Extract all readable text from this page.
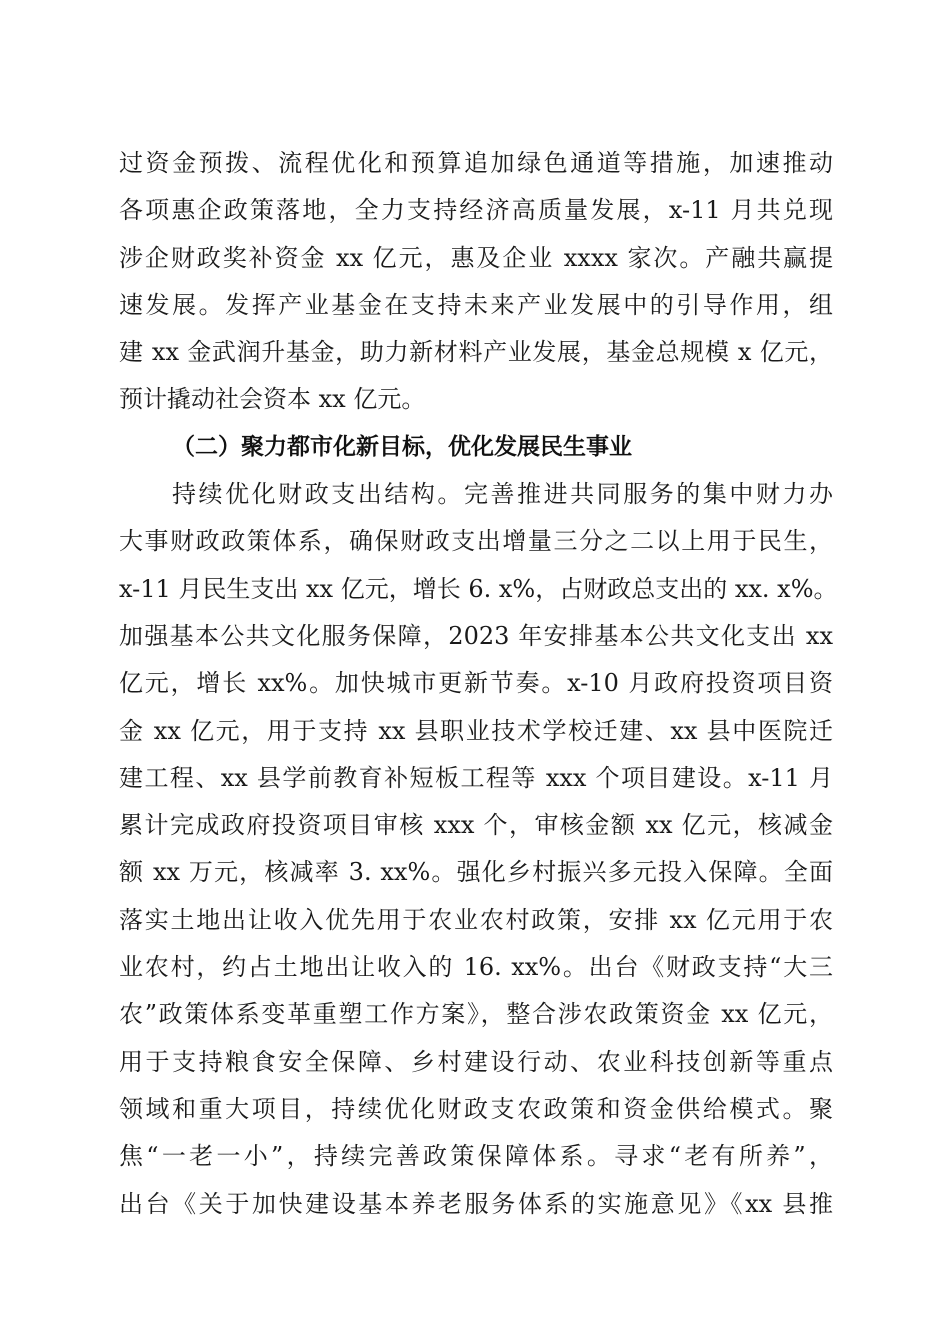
过资金预拨、流程优化和预算追加绿色通道等措施，加速推动
各项惠企政策落地，全力支持经济高质量发展，x-11 月共兑现
涉企财政奖补资金 xx 亿元，惠及企业 xxxx 家次。产融共赢提
速发展。发挥产业基金在支持未来产业发展中的引导作用，组
建 xx 金武润升基金，助力新材料产业发展，基金总规模 x 亿元，
预计撬动社会资本 xx 亿元。
（二）聚力都市化新目标，优化发展民生事业
持续优化财政支出结构。完善推进共同服务的集中财力办
大事财政政策体系，确保财政支出增量三分之二以上用于民生，
x-11 月民生支出 xx 亿元，增长 6. x%，占财政总支出的 xx. x%。
加强基本公共文化服务保障，2023 年安排基本公共文化支出 xx
亿元，增长 xx%。加快城市更新节奏。x-10 月政府投资项目资
金 xx 亿元，用于支持 xx 县职业技术学校迁建、xx 县中医院迁
建工程、xx 县学前教育补短板工程等 xxx 个项目建设。x-11 月
累计完成政府投资项目审核 xxx 个，审核金额 xx 亿元，核减金
额 xx 万元，核减率 3. xx%。强化乡村振兴多元投入保障。全面
落实土地出让收入优先用于农业农村政策，安排 xx 亿元用于农
业农村，约占土地出让收入的 16. xx%。出台《财政支持“大三
农”政策体系变革重塑工作方案》，整合涉农政策资金 xx 亿元，
用于支持粮食安全保障、乡村建设行动、农业科技创新等重点
领域和重大项目，持续优化财政支农政策和资金供给模式。聚
焦“一老一小”，持续完善政策保障体系。寻求“老有所养”，
出台《关于加快建设基本养老服务体系的实施意见》《xx 县推
